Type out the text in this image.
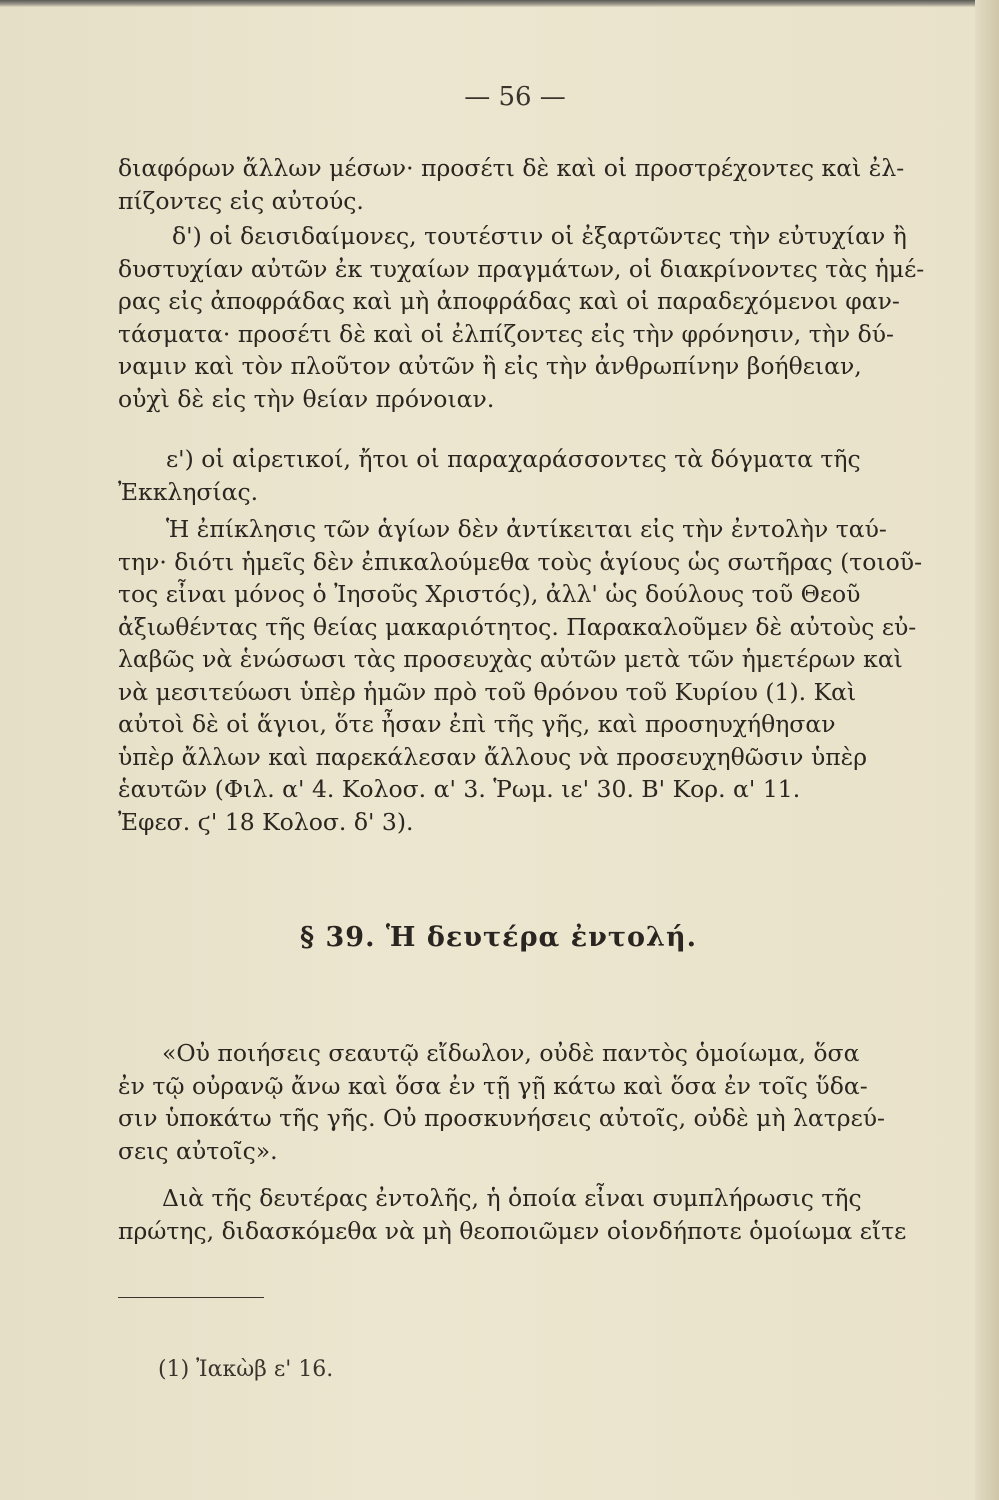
— 56 —
διαφόρων ἄλλων μέσων· προσέτι δὲ καὶ οἱ προστρέχοντες καὶ ἐλ-
πίζοντες εἰς αὐτούς.
δ') οἱ δεισιδαίμονες, τουτέστιν οἱ ἐξαρτῶντες τὴν εὐτυχίαν ἢ
δυστυχίαν αὐτῶν ἐκ τυχαίων πραγμάτων, οἱ διακρίνοντες τὰς ἡμέ-
ρας εἰς ἀποφράδας καὶ μὴ ἀποφράδας καὶ οἱ παραδεχόμενοι φαν-
τάσματα· προσέτι δὲ καὶ οἱ ἐλπίζοντες εἰς τὴν φρόνησιν, τὴν δύ-
ναμιν καὶ τὸν πλοῦτον αὐτῶν ἢ εἰς τὴν ἀνθρωπίνην βοήθειαν,
οὐχὶ δὲ εἰς τὴν θείαν πρόνοιαν.
ε') οἱ αἱρετικοί, ἤτοι οἱ παραχαράσσοντες τὰ δόγματα τῆς
Ἐκκλησίας.
Ἡ ἐπίκλησις τῶν ἁγίων δὲν ἀντίκειται εἰς τὴν ἐντολὴν ταύ-
την· διότι ἡμεῖς δὲν ἐπικαλούμεθα τοὺς ἁγίους ὡς σωτῆρας (τοιοῦ-
τος εἶναι μόνος ὁ Ἰησοῦς Χριστός), ἀλλ' ὡς δούλους τοῦ Θεοῦ
ἀξιωθέντας τῆς θείας μακαριότητος. Παρακαλοῦμεν δὲ αὐτοὺς εὐ-
λαβῶς νὰ ἑνώσωσι τὰς προσευχὰς αὐτῶν μετὰ τῶν ἡμετέρων καὶ
νὰ μεσιτεύωσι ὑπὲρ ἡμῶν πρὸ τοῦ θρόνου τοῦ Κυρίου (1). Καὶ
αὐτοὶ δὲ οἱ ἅγιοι, ὅτε ἦσαν ἐπὶ τῆς γῆς, καὶ προσηυχήθησαν
ὑπὲρ ἄλλων καὶ παρεκάλεσαν ἄλλους νὰ προσευχηθῶσιν ὑπὲρ
ἑαυτῶν (Φιλ. α' 4. Κολοσ. α' 3. Ῥωμ. ιε' 30. Β' Κορ. α' 11.
Ἐφεσ. ϛ' 18 Κολοσ. δ' 3).
§ 39. Ἡ δευτέρα ἐντολή.
«Οὐ ποιήσεις σεαυτῷ εἴδωλον, οὐδὲ παντὸς ὁμοίωμα, ὅσα
ἐν τῷ οὐρανῷ ἄνω καὶ ὅσα ἐν τῇ γῇ κάτω καὶ ὅσα ἐν τοῖς ὕδα-
σιν ὑποκάτω τῆς γῆς. Οὐ προσκυνήσεις αὐτοῖς, οὐδὲ μὴ λατρεύ-
σεις αὐτοῖς».
Διὰ τῆς δευτέρας ἐντολῆς, ἡ ὁποία εἶναι συμπλήρωσις τῆς
πρώτης, διδασκόμεθα νὰ μὴ θεοποιῶμεν οἱονδήποτε ὁμοίωμα εἴτε
(1) Ἰακὼβ ε' 16.
